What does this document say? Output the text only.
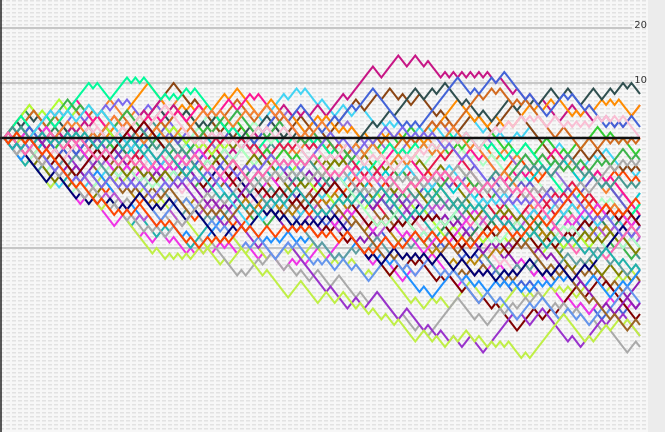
20
10
